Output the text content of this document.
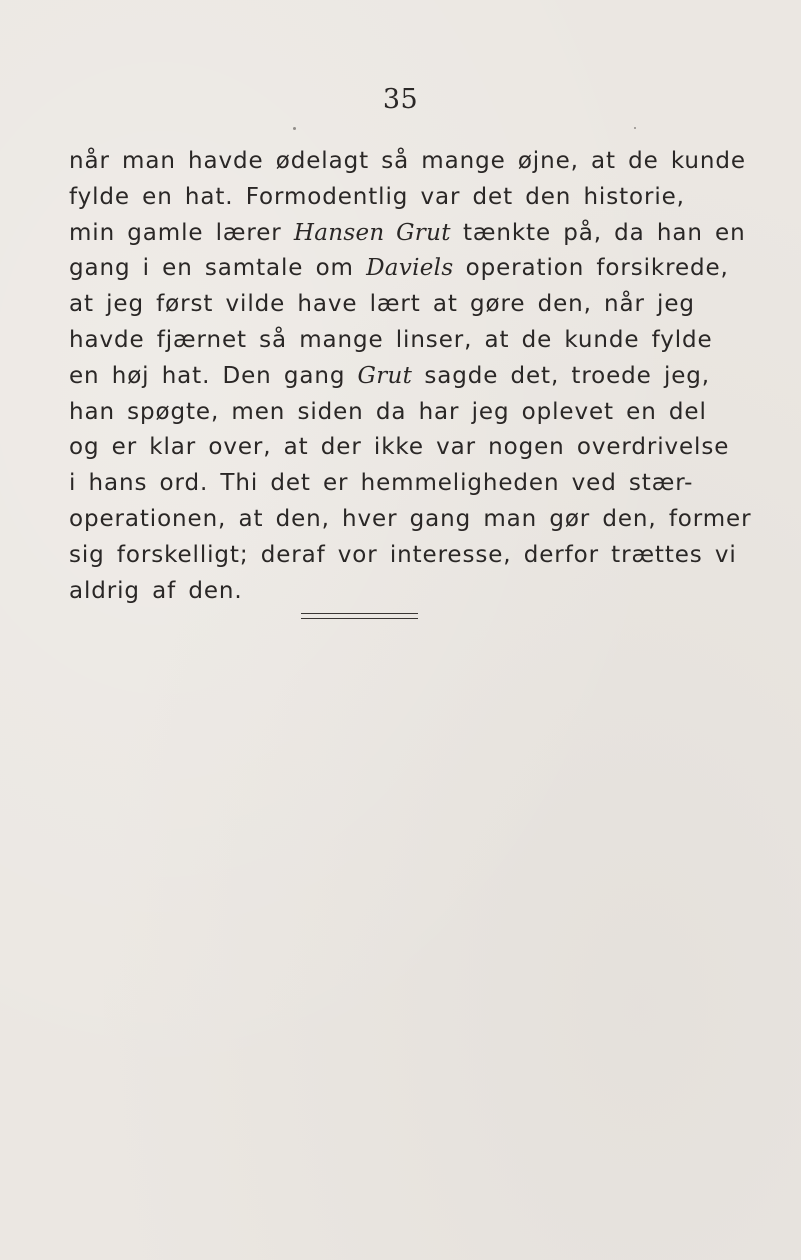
35
når man havde ødelagt så mange øjne, at de kunde
fylde en hat. Formodentlig var det den historie,
min gamle lærer Hansen Grut tænkte på, da han en
gang i en samtale om Daviels operation forsikrede,
at jeg først vilde have lært at gøre den, når jeg
havde fjærnet så mange linser, at de kunde fylde
en høj hat. Den gang Grut sagde det, troede jeg,
han spøgte, men siden da har jeg oplevet en del
og er klar over, at der ikke var nogen overdrivelse
i hans ord. Thi det er hemmeligheden ved stær-
operationen, at den, hver gang man gør den, former
sig forskelligt; deraf vor interesse, derfor trættes vi
aldrig af den.
